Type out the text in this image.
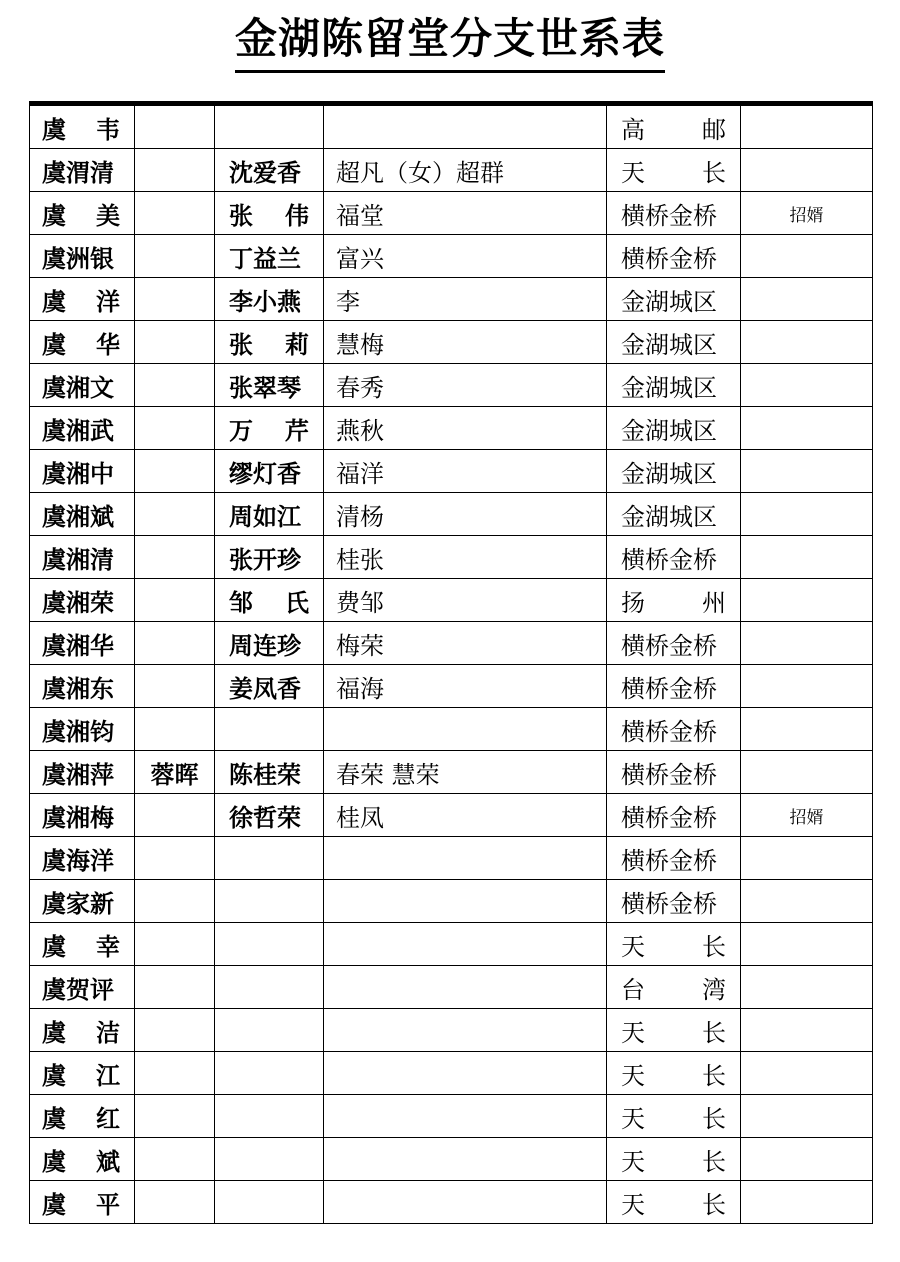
金湖陈留堂分支世系表
虞 韦				高 邮	

虞渭清		沈爱香	超凡（女）超群	天 长	

虞 美		张 伟	福堂	横桥金桥	招婿

虞洲银		丁益兰	富兴	横桥金桥	

虞 洋		李小燕	李	金湖城区	

虞 华		张 莉	慧梅	金湖城区	

虞湘文		张翠琴	春秀	金湖城区	

虞湘武		万 芹	燕秋	金湖城区	

虞湘中		缪灯香	福洋	金湖城区	

虞湘斌		周如江	清杨	金湖城区	

虞湘清		张开珍	桂张	横桥金桥	

虞湘荣		邹 氏	费邹	扬 州	

虞湘华		周连珍	梅荣	横桥金桥	

虞湘东		姜凤香	福海	横桥金桥	

虞湘钧				横桥金桥	

虞湘萍	蓉晖	陈桂荣	春荣 慧荣	横桥金桥	

虞湘梅		徐哲荣	桂凤	横桥金桥	招婿

虞海洋				横桥金桥	

虞家新				横桥金桥	

虞 幸				天 长	

虞贺评				台 湾	

虞 洁				天 长	

虞 江				天 长	

虞 红				天 长	

虞 斌				天 长	

虞 平				天 长	
